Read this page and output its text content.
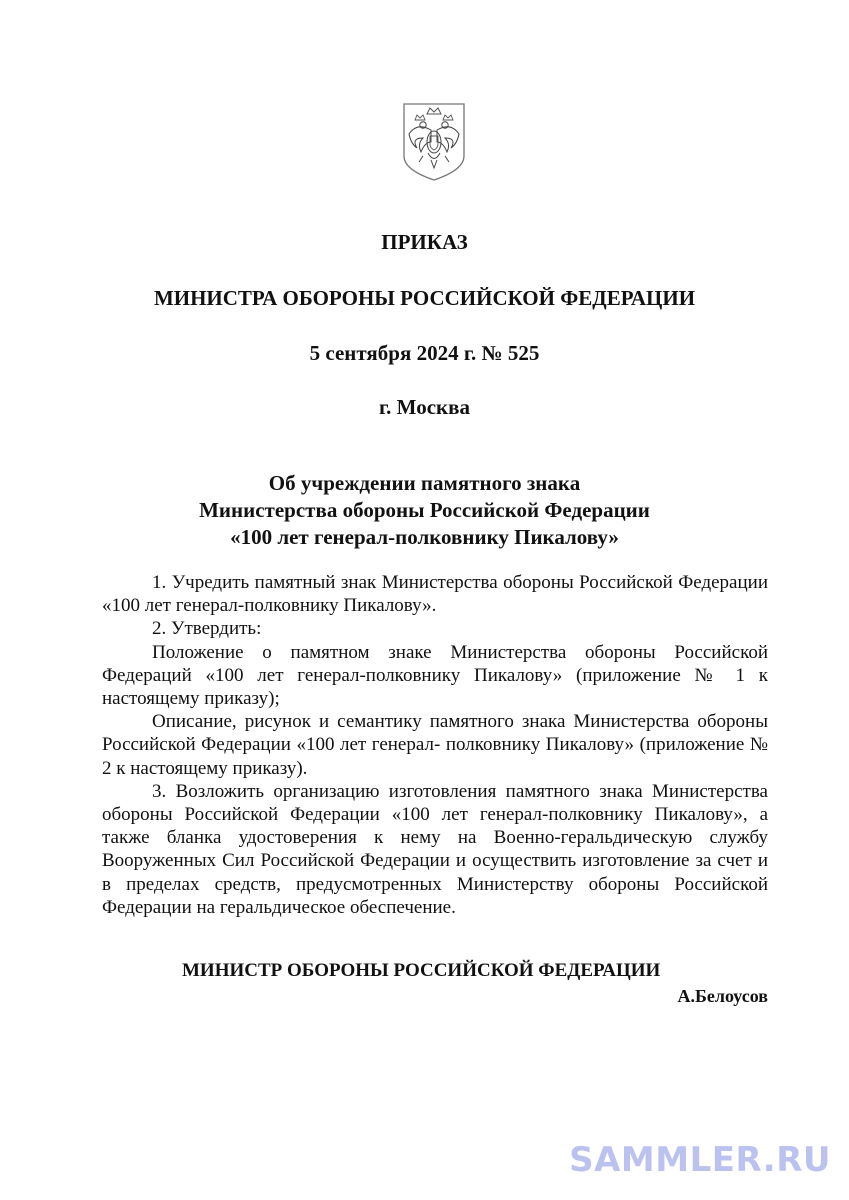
ПРИКАЗ

МИНИСТРА ОБОРОНЫ РОССИЙСКОЙ ФЕДЕРАЦИИ

5 сентября 2024 г. № 525

г. Москва

Об учреждении памятного знака
Министерства обороны Российской Федерации
«100 лет генерал-полковнику Пикалову»

1. Учредить памятный знак Министерства обороны Российской Федерации «100 лет генерал-полковнику Пикалову».

2. Утвердить:

Положение о памятном знаке Министерства обороны Российской Федераций «100 лет генерал-полковнику Пикалову» (приложение № 1 к настоящему приказу);

Описание, рисунок и семантику памятного знака Министерства обороны Российской Федерации «100 лет генерал- полковнику Пикалову» (приложение № 2 к настоящему приказу).

3. Возложить организацию изготовления памятного знака Министерства обороны Российской Федерации «100 лет генерал-полковнику Пикалову», а также бланка удостоверения к нему на Военно-геральдическую службу Вооруженных Сил Российской Федерации и осуществить изготовление за счет и в пределах средств, предусмотренных Министерству обороны Российской Федерации на геральдическое обеспечение.

МИНИСТР ОБОРОНЫ РОССИЙСКОЙ ФЕДЕРАЦИИ
А.Белоусов
SAMMLER.RU
